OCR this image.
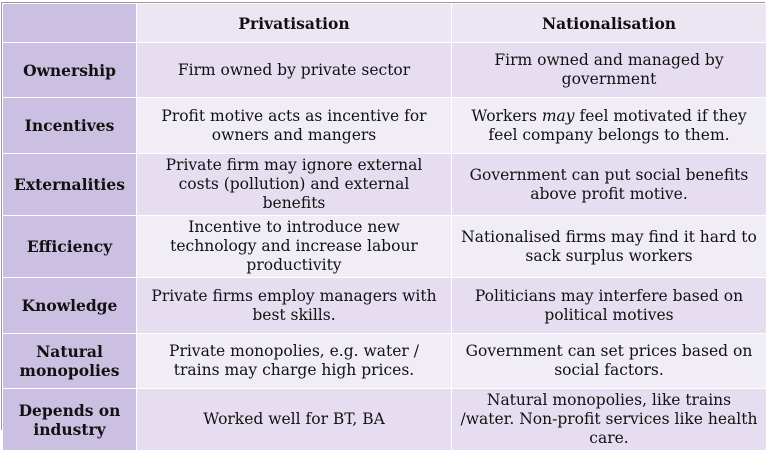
	Privatisation	Nationalisation
Ownership	Firm owned by private sector	Firm owned and managed by government
Incentives	Profit motive acts as incentive for owners and mangers	Workers may feel motivated if they feel company belongs to them.
Externalities	Private firm may ignore external costs (pollution) and external benefits	Government can put social benefits above profit motive.
Efficiency	Incentive to introduce new technology and increase labour productivity	Nationalised firms may find it hard to sack surplus workers
Knowledge	Private firms employ managers with best skills.	Politicians may interfere based on political motives
Natural monopolies	Private monopolies, e.g. water / trains may charge high prices.	Government can set prices based on social factors.
Depends on industry	Worked well for BT, BA	Natural monopolies, like trains /water. Non-profit services like health care.
